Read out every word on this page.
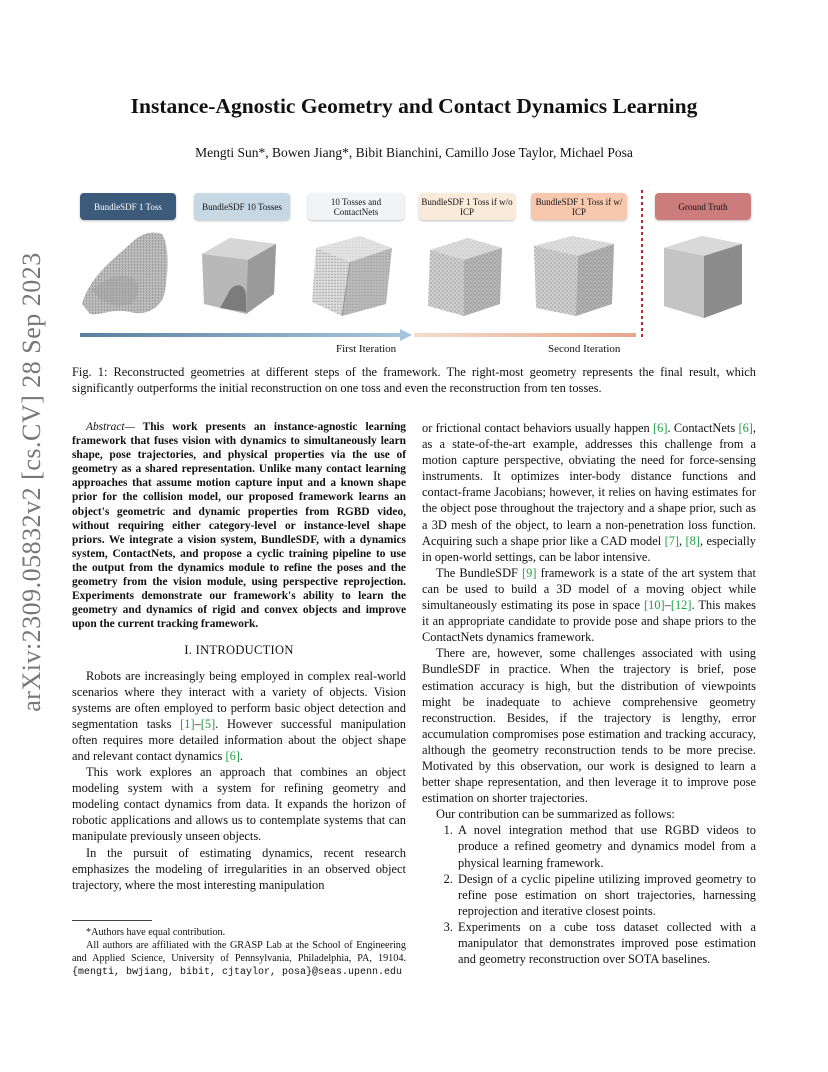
arXiv:2309.05832v2 [cs.CV] 28 Sep 2023
Instance-Agnostic Geometry and Contact Dynamics Learning
Mengti Sun*, Bowen Jiang*, Bibit Bianchini, Camillo Jose Taylor, Michael Posa
BundleSDF 1 Toss	BundleSDF 10 Tosses	10 Tosses and ContactNets
BundleSDF 1 Toss if w/o ICP
BundleSDF 1 Toss if w/ ICP	Ground Truth
First Iteration	Second Iteration
Fig. 1: Reconstructed geometries at different steps of the framework. The right-most geometry represents the final result, which significantly outperforms the initial reconstruction on one toss and even the reconstruction from ten tosses.

Abstract— This work presents an instance-agnostic learning framework that fuses vision with dynamics to simultaneously learn shape, pose trajectories, and physical properties via the use of geometry as a shared representation. Unlike many contact learning approaches that assume motion capture input and a known shape prior for the collision model, our proposed framework learns an object's geometric and dynamic properties from RGBD video, without requiring either category-level or instance-level shape priors. We integrate a vision system, BundleSDF, with a dynamics system, ContactNets, and propose a cyclic training pipeline to use the output from the dynamics module to refine the poses and the geometry from the vision module, using perspective reprojection. Experiments demonstrate our framework's ability to learn the geometry and dynamics of rigid and convex objects and improve upon the current tracking framework.

I. INTRODUCTION

Robots are increasingly being employed in complex real-world scenarios where they interact with a variety of objects. Vision systems are often employed to perform basic object detection and segmentation tasks [1]–[5]. However successful manipulation often requires more detailed information about the object shape and relevant contact dynamics [6].

This work explores an approach that combines an object modeling system with a system for refining geometry and modeling contact dynamics from data. It expands the horizon of robotic applications and allows us to contemplate systems that can manipulate previously unseen objects.

In the pursuit of estimating dynamics, recent research emphasizes the modeling of irregularities in an observed object trajectory, where the most interesting manipulation

*Authors have equal contribution.

All authors are affiliated with the GRASP Lab at the School of Engineering and Applied Science, University of Pennsylvania, Philadelphia, PA, 19104. {mengti, bwjiang, bibit, cjtaylor, posa}@seas.upenn.edu

or frictional contact behaviors usually happen [6]. ContactNets [6], as a state-of-the-art example, addresses this challenge from a motion capture perspective, obviating the need for force-sensing instruments. It optimizes inter-body distance functions and contact-frame Jacobians; however, it relies on having estimates for the object pose throughout the trajectory and a shape prior, such as a 3D mesh of the object, to learn a non-penetration loss function. Acquiring such a shape prior like a CAD model [7], [8], especially in open-world settings, can be labor intensive.

The BundleSDF [9] framework is a state of the art system that can be used to build a 3D model of a moving object while simultaneously estimating its pose in space [10]–[12]. This makes it an appropriate candidate to provide pose and shape priors to the ContactNets dynamics framework.

There are, however, some challenges associated with using BundleSDF in practice. When the trajectory is brief, pose estimation accuracy is high, but the distribution of viewpoints might be inadequate to achieve comprehensive geometry reconstruction. Besides, if the trajectory is lengthy, error accumulation compromises pose estimation and tracking accuracy, although the geometry reconstruction tends to be more precise. Motivated by this observation, our work is designed to learn a better shape representation, and then leverage it to improve pose estimation on shorter trajectories.

Our contribution can be summarized as follows:

1. A novel integration method that use RGBD videos to produce a refined geometry and dynamics model from a physical learning framework.
2. Design of a cyclic pipeline utilizing improved geometry to refine pose estimation on short trajectories, harnessing reprojection and iterative closest points.
3. Experiments on a cube toss dataset collected with a manipulator that demonstrates improved pose estimation and geometry reconstruction over SOTA baselines.
